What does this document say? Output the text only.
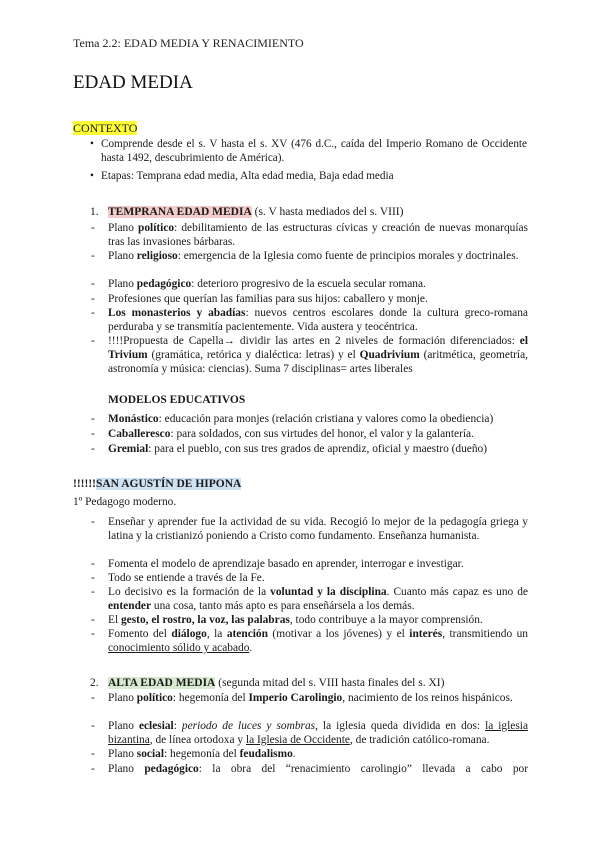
Tema 2.2: EDAD MEDIA Y RENACIMIENTO
EDAD MEDIA
CONTEXTO
• Comprende desde el s. V hasta el s. XV (476 d.C., caída del Imperio Romano de Occidente hasta 1492, descubrimiento de América).
• Etapas: Temprana edad media, Alta edad media, Baja edad media
1. TEMPRANA EDAD MEDIA (s. V hasta mediados del s. VIII)
- Plano político: debilitamiento de las estructuras cívicas y creación de nuevas monarquías tras las invasiones bárbaras.
- Plano religioso: emergencia de la Iglesia como fuente de principios morales y doctrinales.
- Plano pedagógico: deterioro progresivo de la escuela secular romana.
- Profesiones que querían las familias para sus hijos: caballero y monje.
- Los monasterios y abadías: nuevos centros escolares donde la cultura greco-romana perduraba y se transmitía pacientemente. Vida austera y teocéntrica.
- !!!!Propuesta de Capella→ dividir las artes en 2 niveles de formación diferenciados: el Trivium (gramática, retórica y dialéctica: letras) y el Quadrivium (aritmética, geometría, astronomía y música: ciencias). Suma 7 disciplinas= artes liberales
MODELOS EDUCATIVOS
- Monástico: educación para monjes (relación cristiana y valores como la obediencia)
- Caballeresco: para soldados, con sus virtudes del honor, el valor y la galantería.
- Gremial: para el pueblo, con sus tres grados de aprendiz, oficial y maestro (dueño)
!!!!!!SAN AGUSTÍN DE HIPONA
1º Pedagogo moderno.
- Enseñar y aprender fue la actividad de su vida. Recogió lo mejor de la pedagogía griega y latina y la cristianizó poniendo a Cristo como fundamento. Enseñanza humanista.
- Fomenta el modelo de aprendizaje basado en aprender, interrogar e investigar.
- Todo se entiende a través de la Fe.
- Lo decisivo es la formación de la voluntad y la disciplina. Cuanto más capaz es uno de entender una cosa, tanto más apto es para enseñársela a los demás.
- El gesto, el rostro, la voz, las palabras, todo contribuye a la mayor comprensión.
- Fomento del diálogo, la atención (motivar a los jóvenes) y el interés, transmitiendo un conocimiento sólido y acabado.
2. ALTA EDAD MEDIA (segunda mitad del s. VIII hasta finales del s. XI)
- Plano político: hegemonía del Imperio Carolingio, nacimiento de los reinos hispánicos.
- Plano eclesial: periodo de luces y sombras, la iglesia queda dividida en dos: la iglesia bizantina, de línea ortodoxa y la Iglesia de Occidente, de tradición católico-romana.
- Plano social: hegemonía del feudalismo.
- Plano pedagógico: la obra del “renacimiento carolingio” llevada a cabo por
